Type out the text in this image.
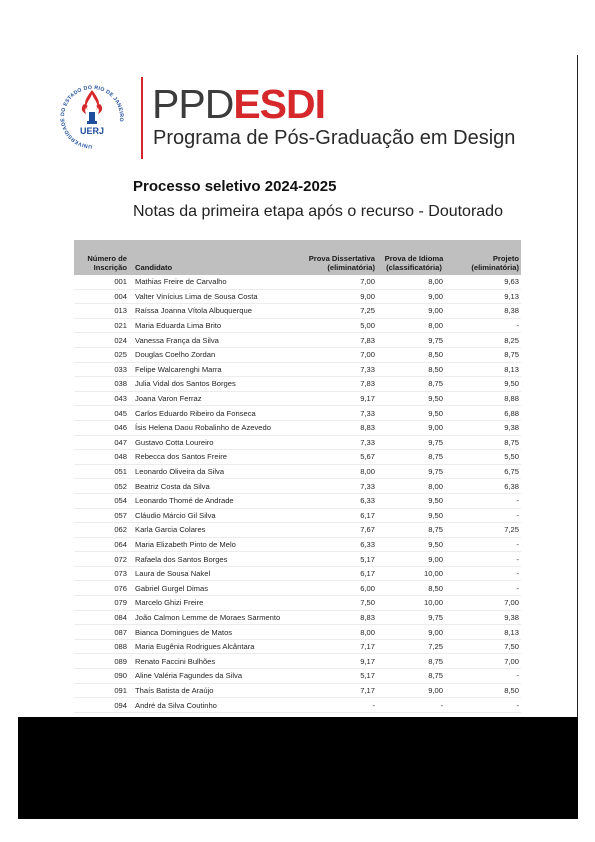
UNIVERSIDADE DO ESTADO DO RIO DE JANEIRO
UERJ
PPDESDI
Programa de Pós-Graduação em Design
Processo seletivo 2024-2025
Notas da primeira etapa após o recurso - Doutorado
Número de Inscrição	Candidato	Prova Dissertativa (eliminatória)	Prova de Idioma (classificatória)	Projeto (eliminatória)
001	Mathias Freire de Carvalho	7,00	8,00	9,63
004	Valter Vinícius Lima de Sousa Costa	9,00	9,00	9,13
013	Raíssa Joanna Vítola Albuquerque	7,25	9,00	8,38
021	Maria Eduarda Lima Brito	5,00	8,00	-
024	Vanessa França da Silva	7,83	9,75	8,25
025	Douglas Coelho Zordan	7,00	8,50	8,75
033	Felipe Walcarenghi Marra	7,33	8,50	8,13
038	Julia Vidal dos Santos Borges	7,83	8,75	9,50
043	Joana Varon Ferraz	9,17	9,50	8,88
045	Carlos Eduardo Ribeiro da Fonseca	7,33	9,50	6,88
046	Ísis Helena Daou Robalinho de Azevedo	8,83	9,00	9,38
047	Gustavo Cotta Loureiro	7,33	9,75	8,75
048	Rebecca dos Santos Freire	5,67	8,75	5,50
051	Leonardo Oliveira da Silva	8,00	9,75	6,75
052	Beatriz Costa da Silva	7,33	8,00	6,38
054	Leonardo Thomé de Andrade	6,33	9,50	-
057	Cláudio Márcio Gil Silva	6,17	9,50	-
062	Karla Garcia Colares	7,67	8,75	7,25
064	Maria Elizabeth Pinto de Melo	6,33	9,50	-
072	Rafaela dos Santos Borges	5,17	9,00	-
073	Laura de Sousa Nakel	6,17	10,00	-
076	Gabriel Gurgel Dimas	6,00	8,50	-
079	Marcelo Ghizi Freire	7,50	10,00	7,00
084	João Calmon Lemme de Moraes Sarmento	8,83	9,75	9,38
087	Bianca Domingues de Matos	8,00	9,00	8,13
088	Maria Eugênia Rodrigues Alcântara	7,17	7,25	7,50
089	Renato Faccini Bulhões	9,17	8,75	7,00
090	Aline Valéria Fagundes da Silva	5,17	8,75	-
091	Thaís Batista de Araújo	7,17	9,00	8,50
094	André da Silva Coutinho	-	-	-
